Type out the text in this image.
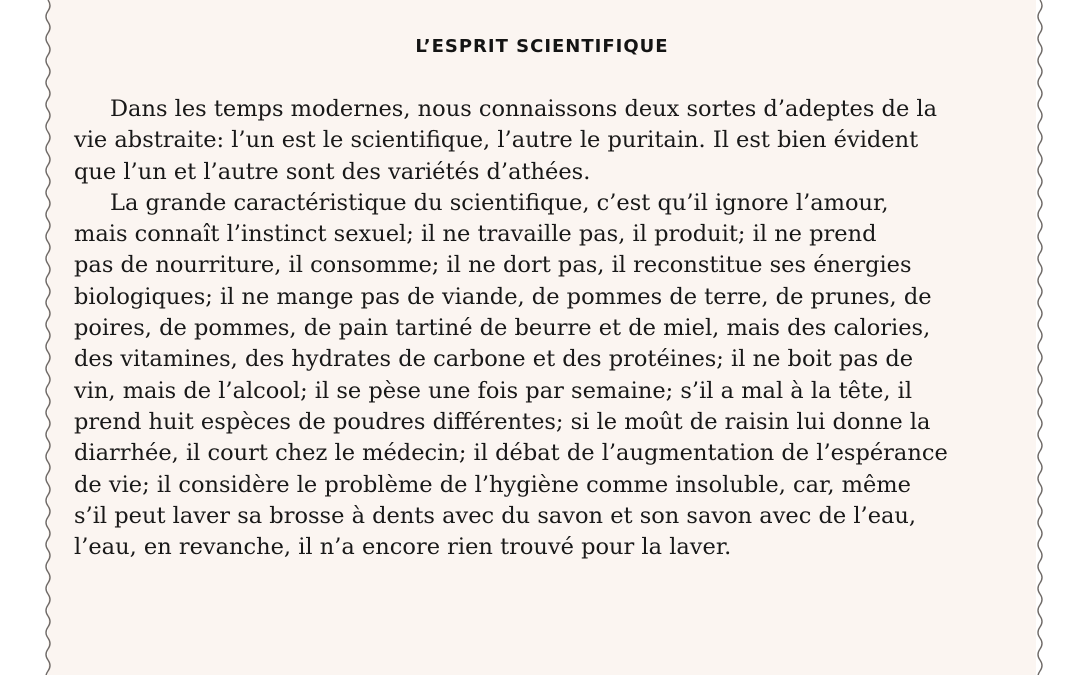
L’ESPRIT SCIENTIFIQUE

Dans les temps modernes, nous connaissons deux sortes d’adeptes de la
vie abstraite: l’un est le scientifique, l’autre le puritain. Il est bien évident
que l’un et l’autre sont des variétés d’athées.

La grande caractéristique du scientifique, c’est qu’il ignore l’amour,
mais connaît l’instinct sexuel; il ne travaille pas, il produit; il ne prend
pas de nourriture, il consomme; il ne dort pas, il reconstitue ses énergies
biologiques; il ne mange pas de viande, de pommes de terre, de prunes, de
poires, de pommes, de pain tartiné de beurre et de miel, mais des calories,
des vitamines, des hydrates de carbone et des protéines; il ne boit pas de
vin, mais de l’alcool; il se pèse une fois par semaine; s’il a mal à la tête, il
prend huit espèces de poudres différentes; si le moût de raisin lui donne la
diarrhée, il court chez le médecin; il débat de l’augmentation de l’espérance
de vie; il considère le problème de l’hygiène comme insoluble, car, même
s’il peut laver sa brosse à dents avec du savon et son savon avec de l’eau,
l’eau, en revanche, il n’a encore rien trouvé pour la laver.
